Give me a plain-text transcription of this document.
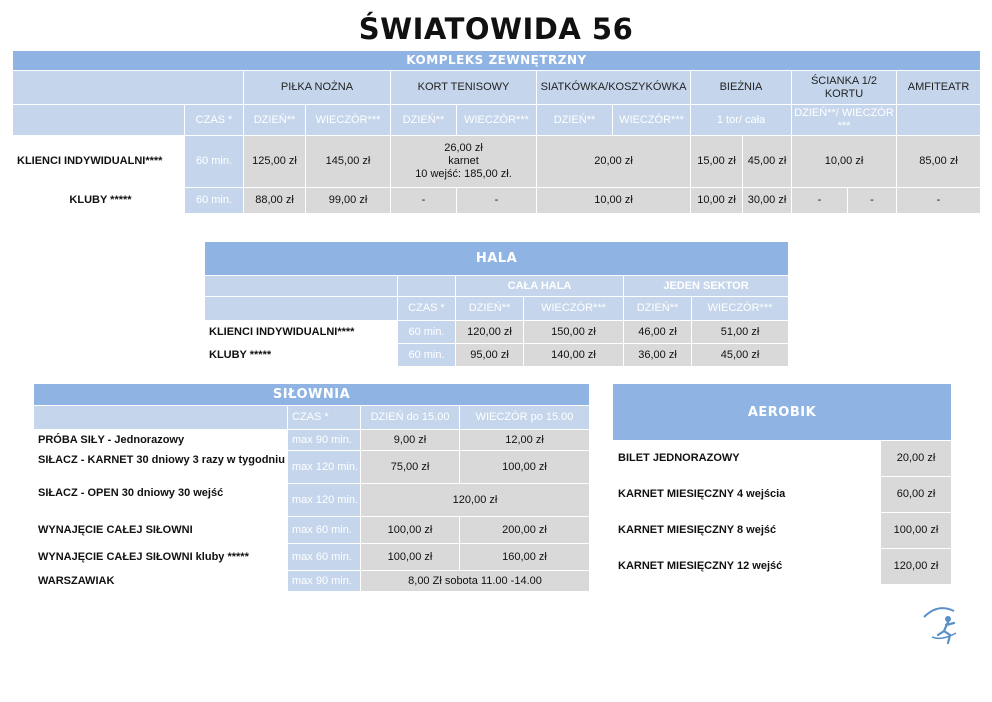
ŚWIATOWIDA 56
KOMPLEKS ZEWNĘTRZNY												
		PIŁKA NOŻNA		KORT TENISOWY		SIATKÓWKA/KOSZYKÓWKA		BIEŻNIA		ŚCIANKA 1/2 KORTU		AMFITEATR
	CZAS *	DZIEŃ**	WIECZÓR***	DZIEŃ**	WIECZÓR***	DZIEŃ**	WIECZÓR***	1 tor/ cała		DZIEŃ**/ WIECZÓR ***		
KLIENCI INDYWIDUALNI****	60 min.	125,00 zł	145,00 zł	26,00 zł
karnet
10 wejść: 185,00 zł.		20,00 zł		15,00 zł	45,00 zł	10,00 zł		85,00 zł
KLUBY *****	60 min.	88,00 zł	99,00 zł	-	-	10,00 zł		10,00 zł	30,00 zł	-	-	-
HALA					
		CAŁA HALA		JEDEN SEKTOR	
	CZAS *	DZIEŃ**	WIECZÓR***	DZIEŃ**	WIECZÓR***
KLIENCI INDYWIDUALNI****	60 min.	120,00 zł	150,00 zł	46,00 zł	51,00 zł
KLUBY *****	60 min.	95,00 zł	140,00 zł	36,00 zł	45,00 zł
SIŁOWNIA			
	CZAS *	DZIEŃ do 15.00	WIECZÓR po 15.00
PRÓBA SIŁY - Jednorazowy	max 90 min.	9,00 zł	12,00 zł
SIŁACZ - KARNET 30 dniowy 3 razy w tygodniu	max 120 min.	75,00 zł	100,00 zł
SIŁACZ - OPEN 30 dniowy 30 wejść	max 120 min.	120,00 zł	
WYNAJĘCIE CAŁEJ SIŁOWNI	max 60 min.	100,00 zł	200,00 zł
WYNAJĘCIE CAŁEJ SIŁOWNI kluby *****	max 60 min.	100,00 zł	160,00 zł
WARSZAWIAK	max 90 min.	8,00 Zł sobota 11.00 -14.00	
AEROBIK	
BILET JEDNORAZOWY	20,00 zł
KARNET MIESIĘCZNY 4 wejścia	60,00 zł
KARNET MIESIĘCZNY 8 wejść	100,00 zł
KARNET MIESIĘCZNY 12 wejść	120,00 zł
